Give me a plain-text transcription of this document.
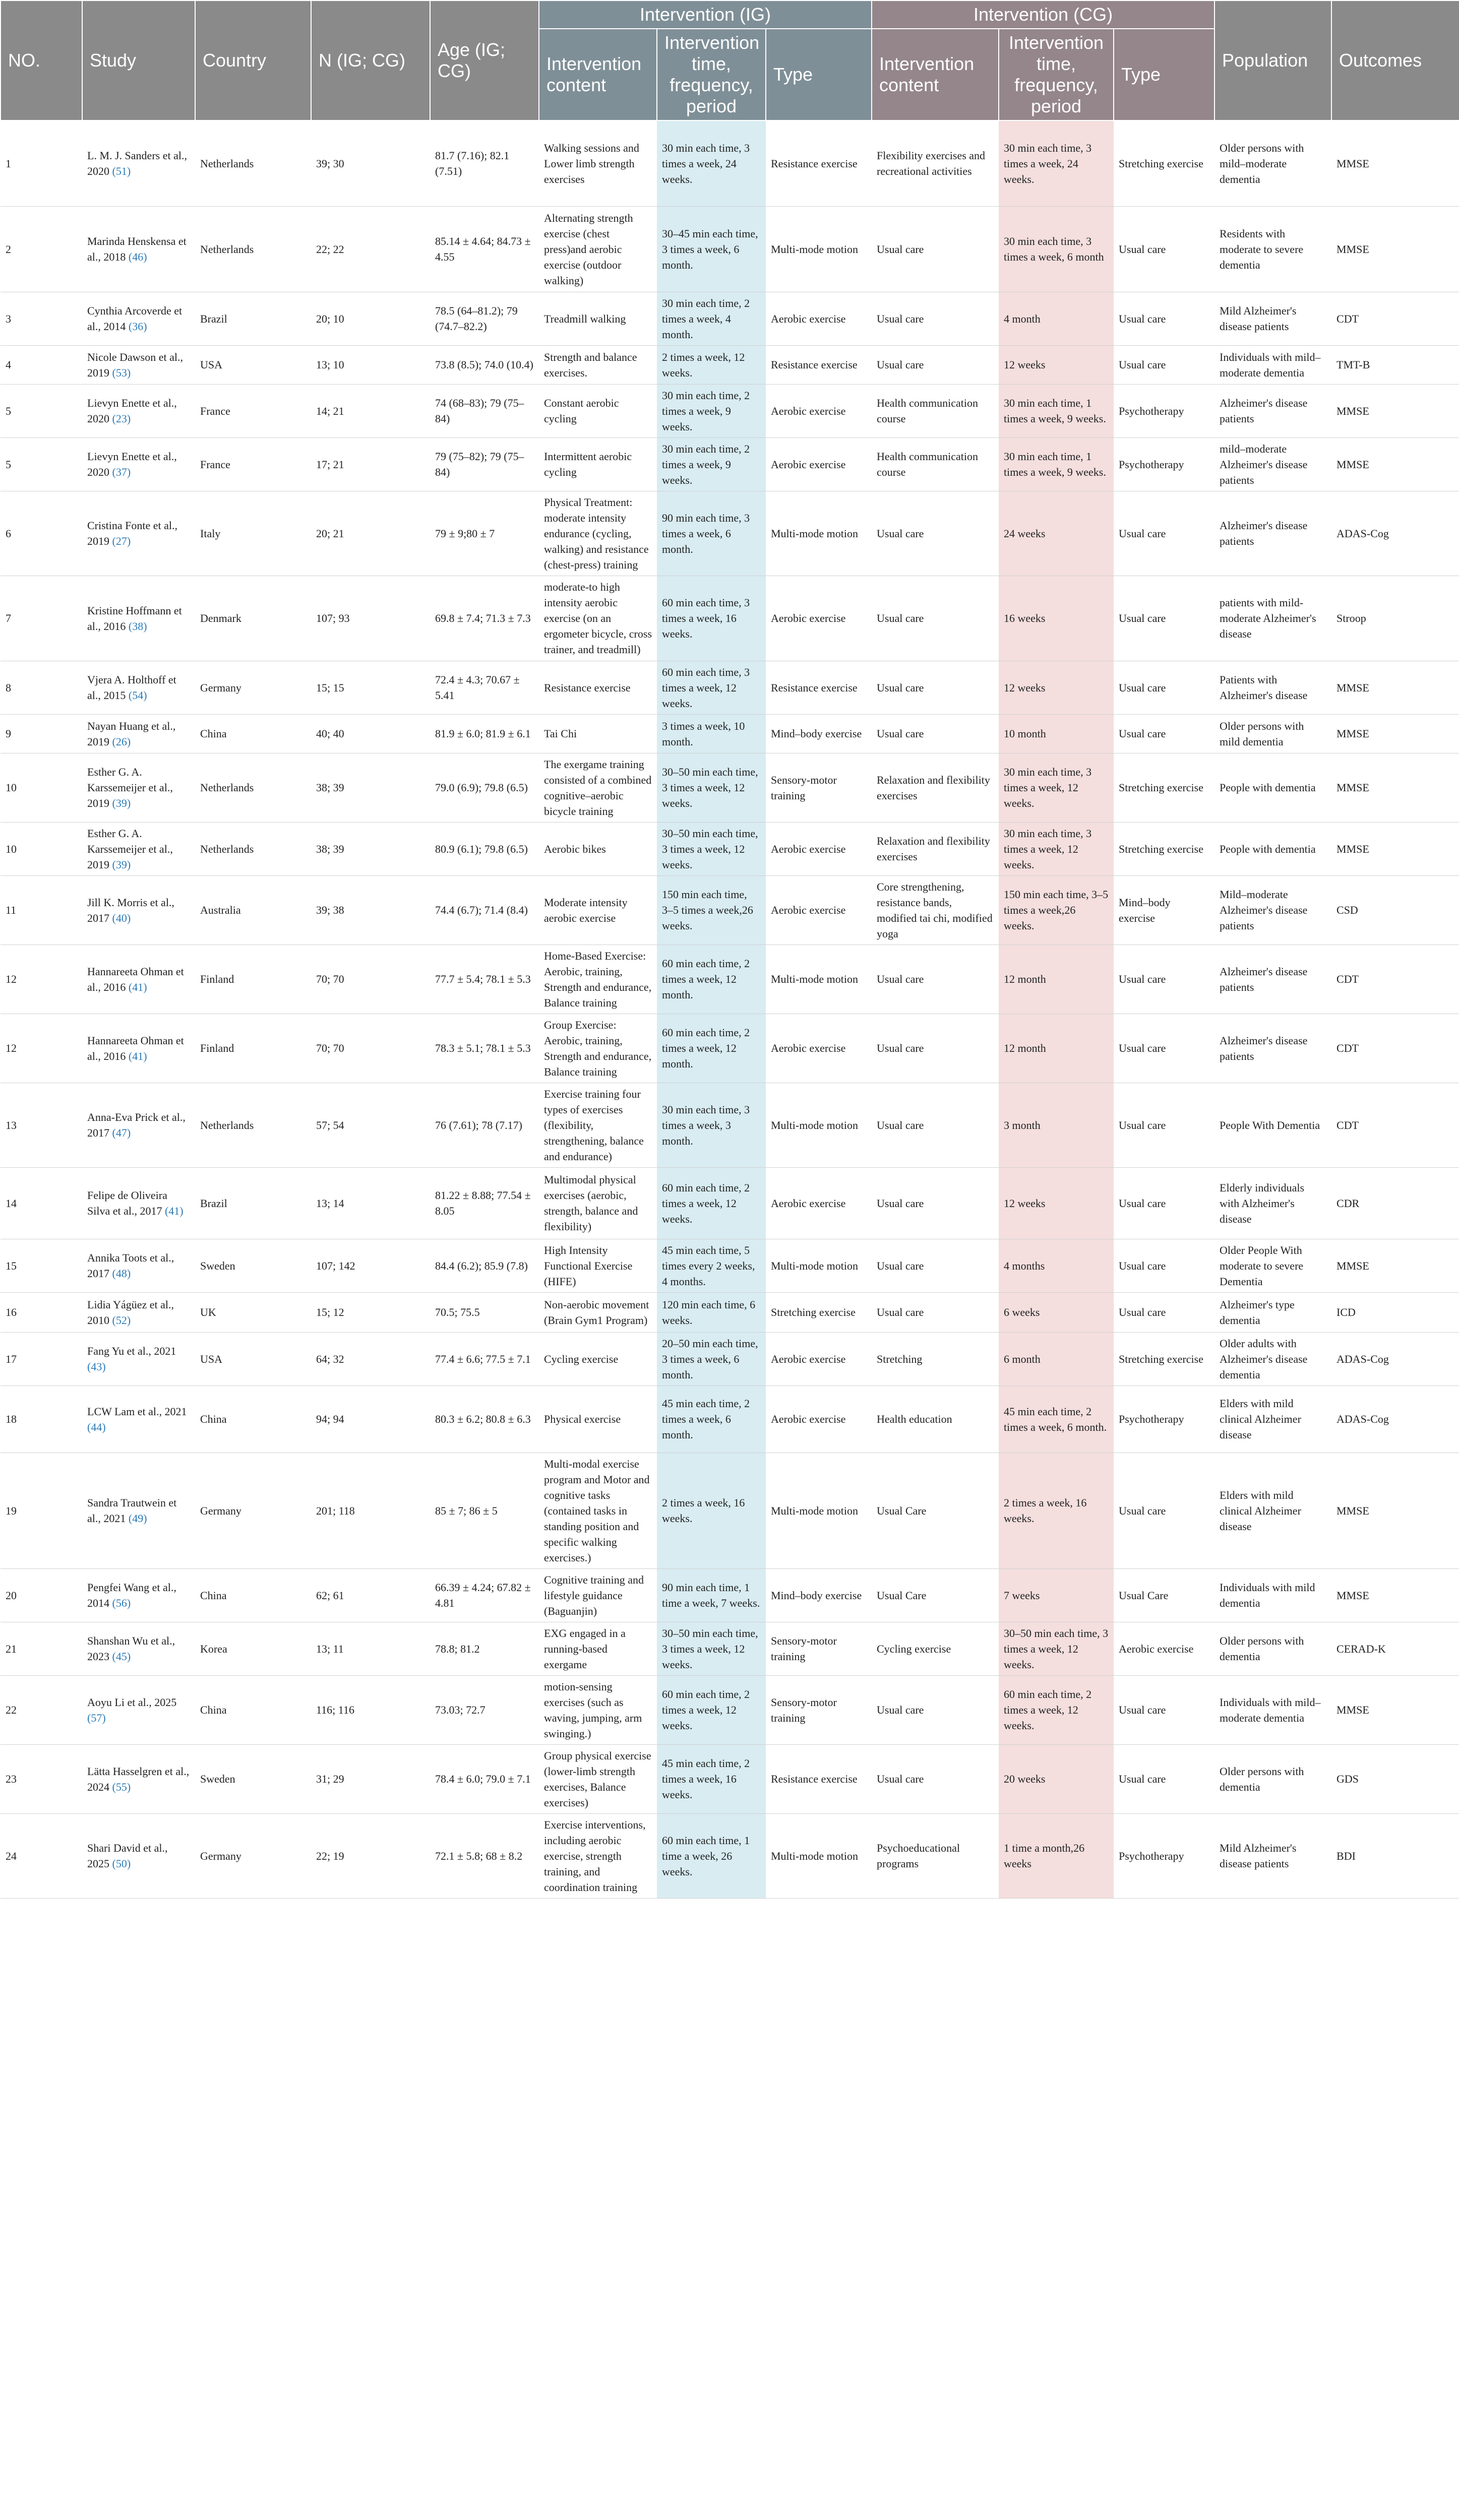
NO.	Study	Country	N (IG; CG)	Age (IG; CG)	Intervention (IG)			Intervention (CG)			Population	Outcomes
					Intervention content	Intervention time, frequency, period	Type	Intervention content	Intervention time, frequency, period	Type		
1	L. M. J. Sanders et al., 2020 (51)	Netherlands	39; 30	81.7 (7.16); 82.1 (7.51)	Walking sessions and Lower limb strength exercises	30 min each time, 3 times a week, 24 weeks.	Resistance exercise	Flexibility exercises and recreational activities	30 min each time, 3 times a week, 24 weeks.	Stretching exercise	Older persons with mild–moderate dementia	MMSE
2	Marinda Henskensa et al., 2018 (46)	Netherlands	22; 22	85.14 ± 4.64; 84.73 ± 4.55	Alternating strength exercise (chest press)and aerobic exercise (outdoor walking)	30–45 min each time, 3 times a week, 6 month.	Multi-mode motion	Usual care	30 min each time, 3 times a week, 6 month	Usual care	Residents with moderate to severe dementia	MMSE
3	Cynthia Arcoverde et al., 2014 (36)	Brazil	20; 10	78.5 (64–81.2); 79 (74.7–82.2)	Treadmill walking	30 min each time, 2 times a week, 4 month.	Aerobic exercise	Usual care	4 month	Usual care	Mild Alzheimer's disease patients	CDT
4	Nicole Dawson et al., 2019 (53)	USA	13; 10	73.8 (8.5); 74.0 (10.4)	Strength and balance exercises.	2 times a week, 12 weeks.	Resistance exercise	Usual care	12 weeks	Usual care	Individuals with mild–moderate dementia	TMT-B
5	Lievyn Enette et al., 2020 (23)	France	14; 21	74 (68–83); 79 (75–84)	Constant aerobic cycling	30 min each time, 2 times a week, 9 weeks.	Aerobic exercise	Health communication course	30 min each time, 1 times a week, 9 weeks.	Psychotherapy	Alzheimer's disease patients	MMSE
5	Lievyn Enette et al., 2020 (37)	France	17; 21	79 (75–82); 79 (75–84)	Intermittent aerobic cycling	30 min each time, 2 times a week, 9 weeks.	Aerobic exercise	Health communication course	30 min each time, 1 times a week, 9 weeks.	Psychotherapy	mild–moderate Alzheimer's disease patients	MMSE
6	Cristina Fonte et al., 2019 (27)	Italy	20; 21	79 ± 9;80 ± 7	Physical Treatment: moderate intensity endurance (cycling, walking) and resistance (chest-press) training	90 min each time, 3 times a week, 6 month.	Multi-mode motion	Usual care	24 weeks	Usual care	Alzheimer's disease patients	ADAS-Cog
7	Kristine Hoffmann et al., 2016 (38)	Denmark	107; 93	69.8 ± 7.4; 71.3 ± 7.3	moderate-to high intensity aerobic exercise (on an ergometer bicycle, cross trainer, and treadmill)	60 min each time, 3 times a week, 16 weeks.	Aerobic exercise	Usual care	16 weeks	Usual care	patients with mild-moderate Alzheimer's disease	Stroop
8	Vjera A. Holthoff et al., 2015 (54)	Germany	15; 15	72.4 ± 4.3; 70.67 ± 5.41	Resistance exercise	60 min each time, 3 times a week, 12 weeks.	Resistance exercise	Usual care	12 weeks	Usual care	Patients with Alzheimer's disease	MMSE
9	Nayan Huang et al., 2019 (26)	China	40; 40	81.9 ± 6.0; 81.9 ± 6.1	Tai Chi	3 times a week, 10 month.	Mind–body exercise	Usual care	10 month	Usual care	Older persons with mild dementia	MMSE
10	Esther G. A. Karssemeijer et al., 2019 (39)	Netherlands	38; 39	79.0 (6.9); 79.8 (6.5)	The exergame training consisted of a combined cognitive–aerobic bicycle training	30–50 min each time, 3 times a week, 12 weeks.	Sensory-motor training	Relaxation and flexibility exercises	30 min each time, 3 times a week, 12 weeks.	Stretching exercise	People with dementia	MMSE
10	Esther G. A. Karssemeijer et al., 2019 (39)	Netherlands	38; 39	80.9 (6.1); 79.8 (6.5)	Aerobic bikes	30–50 min each time, 3 times a week, 12 weeks.	Aerobic exercise	Relaxation and flexibility exercises	30 min each time, 3 times a week, 12 weeks.	Stretching exercise	People with dementia	MMSE
11	Jill K. Morris et al., 2017 (40)	Australia	39; 38	74.4 (6.7); 71.4 (8.4)	Moderate intensity aerobic exercise	150 min each time, 3–5 times a week,26 weeks.	Aerobic exercise	Core strengthening, resistance bands, modified tai chi, modified yoga	150 min each time, 3–5 times a week,26 weeks.	Mind–body exercise	Mild–moderate Alzheimer's disease patients	CSD
12	Hannareeta Ohman et al., 2016 (41)	Finland	70; 70	77.7 ± 5.4; 78.1 ± 5.3	Home-Based Exercise: Aerobic, training, Strength and endurance, Balance training	60 min each time, 2 times a week, 12 month.	Multi-mode motion	Usual care	12 month	Usual care	Alzheimer's disease patients	CDT
12	Hannareeta Ohman et al., 2016 (41)	Finland	70; 70	78.3 ± 5.1; 78.1 ± 5.3	Group Exercise: Aerobic, training, Strength and endurance, Balance training	60 min each time, 2 times a week, 12 month.	Aerobic exercise	Usual care	12 month	Usual care	Alzheimer's disease patients	CDT
13	Anna-Eva Prick et al., 2017 (47)	Netherlands	57; 54	76 (7.61); 78 (7.17)	Exercise training four types of exercises (flexibility, strengthening, balance and endurance)	30 min each time, 3 times a week, 3 month.	Multi-mode motion	Usual care	3 month	Usual care	People With Dementia	CDT
14	Felipe de Oliveira Silva et al., 2017 (41)	Brazil	13; 14	81.22 ± 8.88; 77.54 ± 8.05	Multimodal physical exercises (aerobic, strength, balance and flexibility)	60 min each time, 2 times a week, 12 weeks.	Aerobic exercise	Usual care	12 weeks	Usual care	Elderly individuals with Alzheimer's disease	CDR
15	Annika Toots et al., 2017 (48)	Sweden	107; 142	84.4 (6.2); 85.9 (7.8)	High Intensity Functional Exercise (HIFE)	45 min each time, 5 times every 2 weeks, 4 months.	Multi-mode motion	Usual care	4 months	Usual care	Older People With moderate to severe Dementia	MMSE
16	Lidia Yágüez et al., 2010 (52)	UK	15; 12	70.5; 75.5	Non-aerobic movement (Brain Gym1 Program)	120 min each time, 6 weeks.	Stretching exercise	Usual care	6 weeks	Usual care	Alzheimer's type dementia	ICD
17	Fang Yu et al., 2021 (43)	USA	64; 32	77.4 ± 6.6; 77.5 ± 7.1	Cycling exercise	20–50 min each time, 3 times a week, 6 month.	Aerobic exercise	Stretching	6 month	Stretching exercise	Older adults with Alzheimer's disease dementia	ADAS-Cog
18	LCW Lam et al., 2021 (44)	China	94; 94	80.3 ± 6.2; 80.8 ± 6.3	Physical exercise	45 min each time, 2 times a week, 6 month.	Aerobic exercise	Health education	45 min each time, 2 times a week, 6 month.	Psychotherapy	Elders with mild clinical Alzheimer disease	ADAS-Cog
19	Sandra Trautwein et al., 2021 (49)	Germany	201; 118	85 ± 7; 86 ± 5	Multi-modal exercise program and Motor and cognitive tasks (contained tasks in standing position and specific walking exercises.)	2 times a week, 16 weeks.	Multi-mode motion	Usual Care	2 times a week, 16 weeks.	Usual care	Elders with mild clinical Alzheimer disease	MMSE
20	Pengfei Wang et al., 2014 (56)	China	62; 61	66.39 ± 4.24; 67.82 ± 4.81	Cognitive training and lifestyle guidance (Baguanjin)	90 min each time, 1 time a week, 7 weeks.	Mind–body exercise	Usual Care	7 weeks	Usual Care	Individuals with mild dementia	MMSE
21	Shanshan Wu et al., 2023 (45)	Korea	13; 11	78.8; 81.2	EXG engaged in a running-based exergame	30–50 min each time, 3 times a week, 12 weeks.	Sensory-motor training	Cycling exercise	30–50 min each time, 3 times a week, 12 weeks.	Aerobic exercise	Older persons with dementia	CERAD-K
22	Aoyu Li et al., 2025 (57)	China	116; 116	73.03; 72.7	motion-sensing exercises (such as waving, jumping, arm swinging.)	60 min each time, 2 times a week, 12 weeks.	Sensory-motor training	Usual care	60 min each time, 2 times a week, 12 weeks.	Usual care	Individuals with mild–moderate dementia	MMSE
23	Lätta Hasselgren et al., 2024 (55)	Sweden	31; 29	78.4 ± 6.0; 79.0 ± 7.1	Group physical exercise (lower-limb strength exercises, Balance exercises)	45 min each time, 2 times a week, 16 weeks.	Resistance exercise	Usual care	20 weeks	Usual care	Older persons with dementia	GDS
24	Shari David et al., 2025 (50)	Germany	22; 19	72.1 ± 5.8; 68 ± 8.2	Exercise interventions, including aerobic exercise, strength training, and coordination training	60 min each time, 1 time a week, 26 weeks.	Multi-mode motion	Psychoeducational programs	1 time a month,26 weeks	Psychotherapy	Mild Alzheimer's disease patients	BDI
